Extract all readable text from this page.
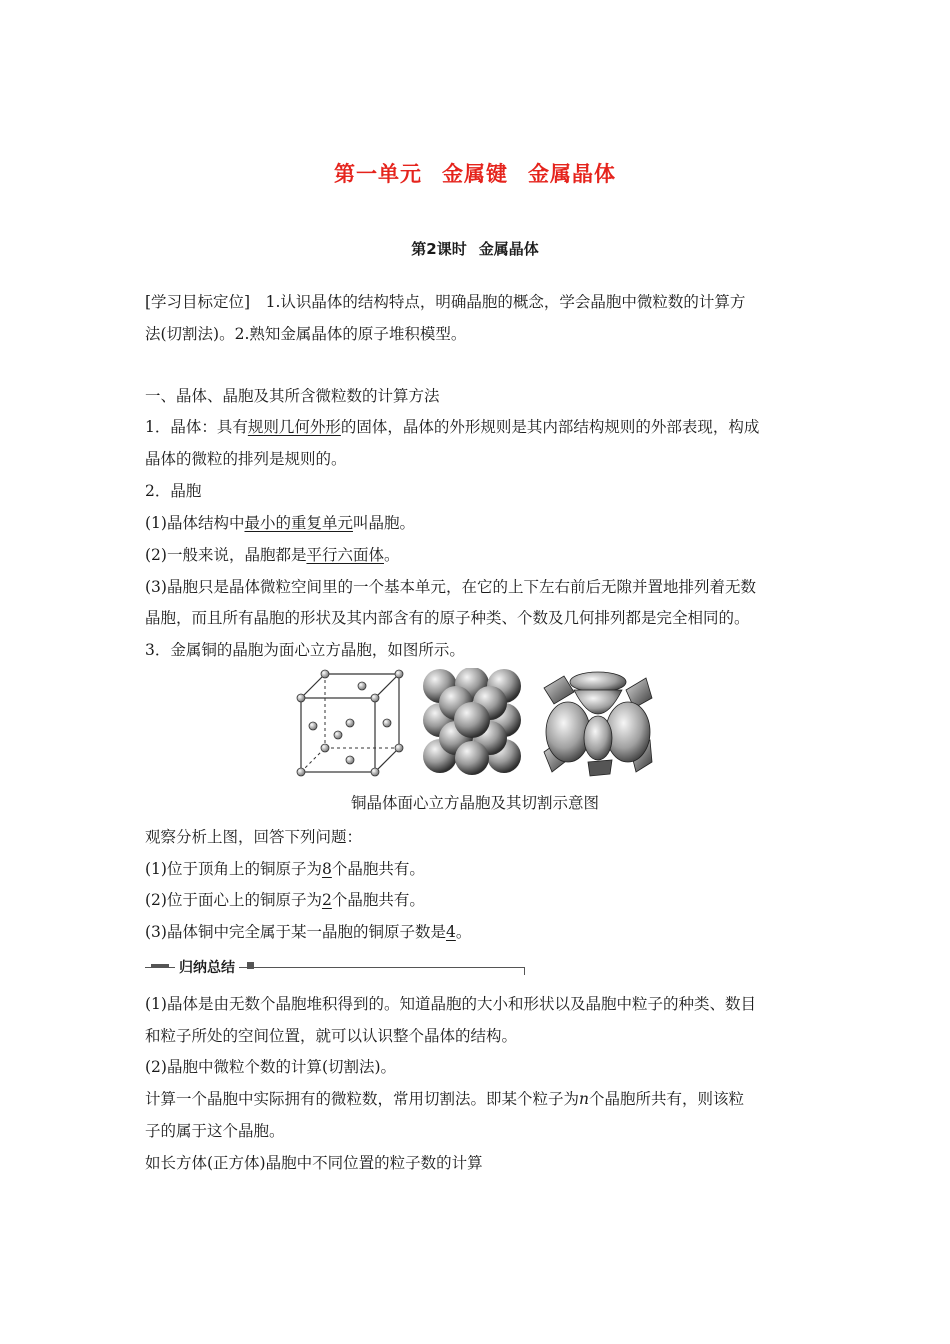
第一单元 金属键 金属晶体
第2课时 金属晶体
[学习目标定位]　1.认识晶体的结构特点，明确晶胞的概念，学会晶胞中微粒数的计算方
法(切割法)。2.熟知金属晶体的原子堆积模型。
一、晶体、晶胞及其所含微粒数的计算方法
1．晶体：具有规则几何外形的固体，晶体的外形规则是其内部结构规则的外部表现，构成
晶体的微粒的排列是规则的。
2．晶胞
(1)晶体结构中最小的重复单元叫晶胞。
(2)一般来说，晶胞都是平行六面体。
(3)晶胞只是晶体微粒空间里的一个基本单元，在它的上下左右前后无隙并置地排列着无数
晶胞，而且所有晶胞的形状及其内部含有的原子种类、个数及几何排列都是完全相同的。
3．金属铜的晶胞为面心立方晶胞，如图所示。
铜晶体面心立方晶胞及其切割示意图
观察分析上图，回答下列问题：
(1)位于顶角上的铜原子为8个晶胞共有。
(2)位于面心上的铜原子为2个晶胞共有。
(3)晶体铜中完全属于某一晶胞的铜原子数是4。
归纳总结
(1)晶体是由无数个晶胞堆积得到的。知道晶胞的大小和形状以及晶胞中粒子的种类、数目
和粒子所处的空间位置，就可以认识整个晶体的结构。
(2)晶胞中微粒个数的计算(切割法)。
计算一个晶胞中实际拥有的微粒数，常用切割法。即某个粒子为n个晶胞所共有，则该粒
子的属于这个晶胞。
如长方体(正方体)晶胞中不同位置的粒子数的计算
